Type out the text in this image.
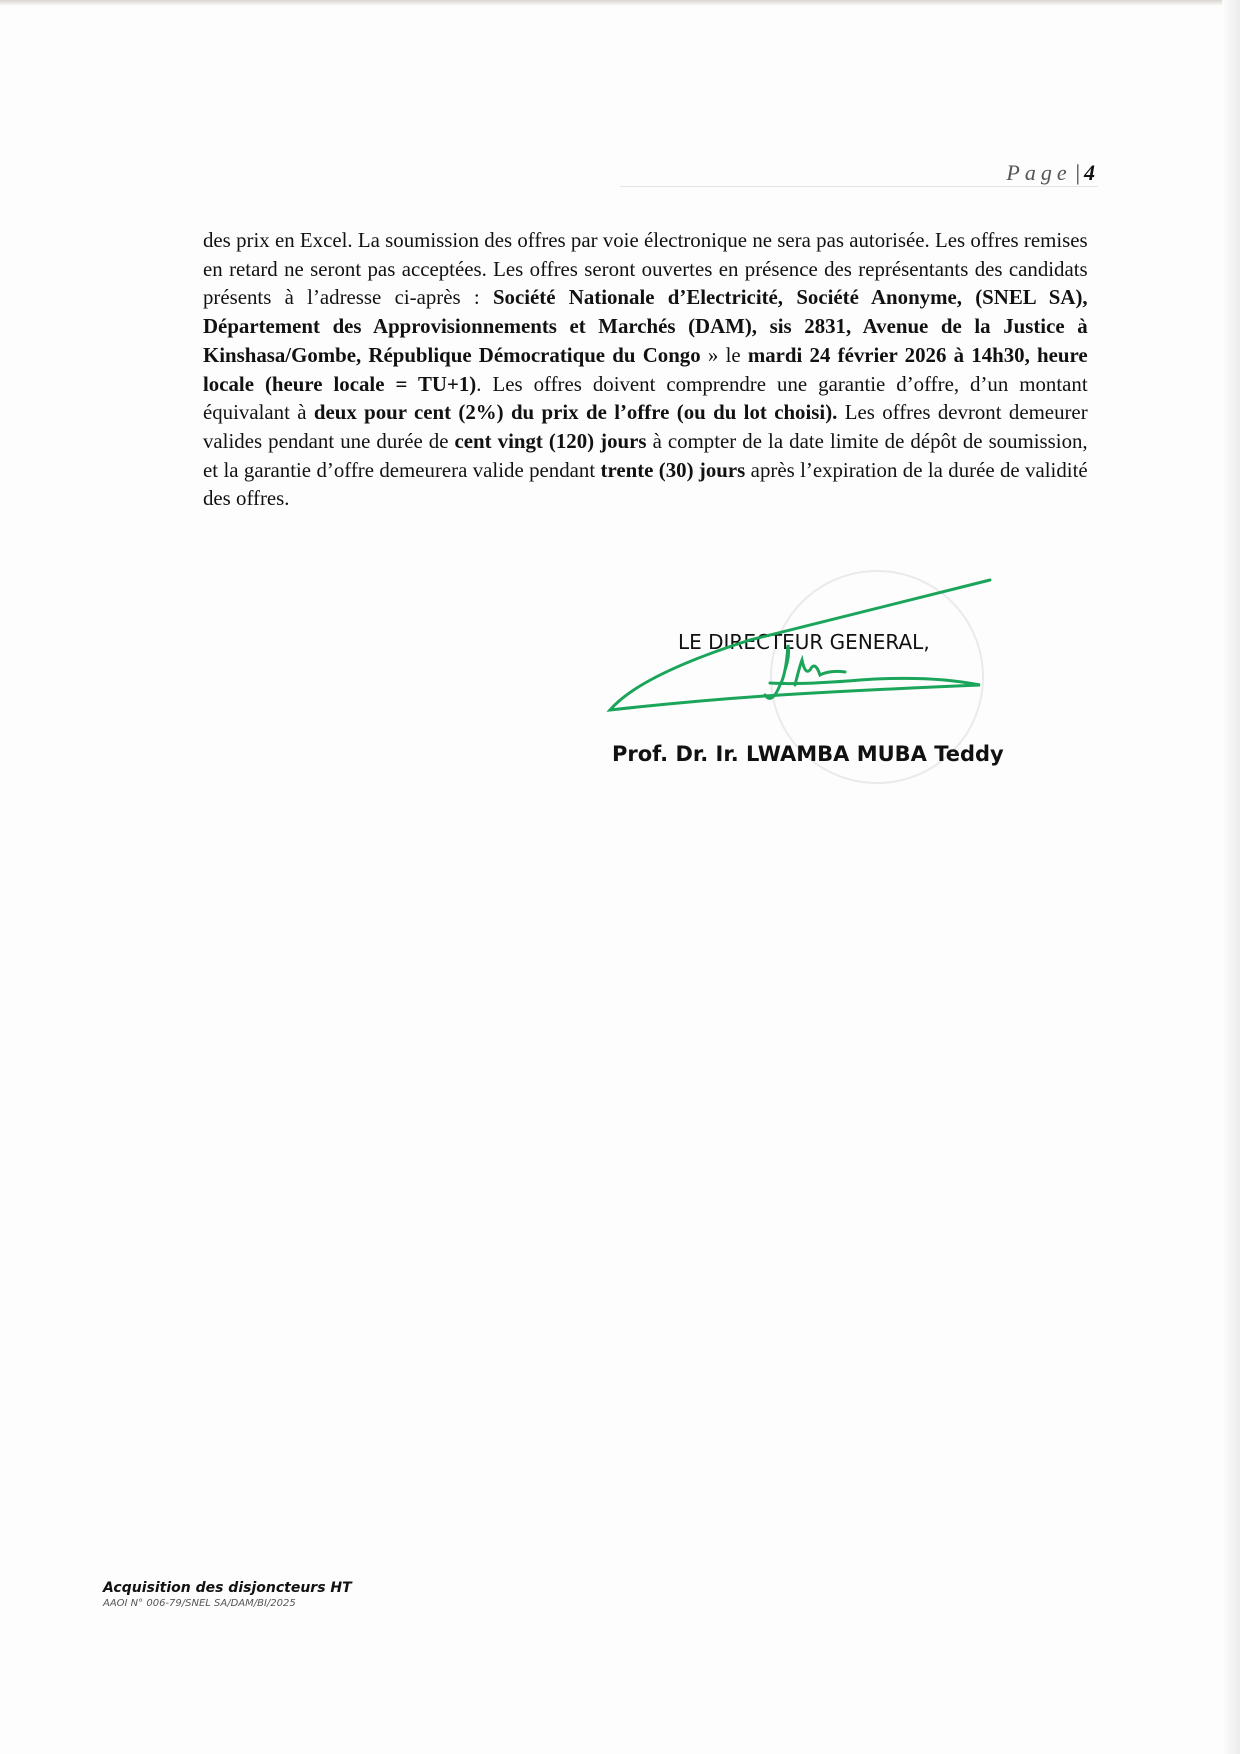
Page | 4
des prix en Excel. La soumission des offres par voie électronique ne sera pas autorisée. Les offres remises en retard ne seront pas acceptées. Les offres seront ouvertes en présence des représentants des candidats présents à l’adresse ci-après : Société Nationale d’Electricité, Société Anonyme, (SNEL SA), Département des Approvisionnements et Marchés (DAM), sis 2831, Avenue de la Justice à Kinshasa/Gombe, République Démocratique du Congo » le mardi 24 février 2026 à 14h30, heure locale (heure locale = TU+1). Les offres doivent comprendre une garantie d’offre, d’un montant équivalant à deux pour cent (2%) du prix de l’offre (ou du lot choisi). Les offres devront demeurer valides pendant une durée de cent vingt (120) jours à compter de la date limite de dépôt de soumission, et la garantie d’offre demeurera valide pendant trente (30) jours après l’expiration de la durée de validité des offres.
LE DIRECTEUR GENERAL,
Prof. Dr. Ir. LWAMBA MUBA Teddy
Acquisition des disjoncteurs HT
AAOI N° 006-79/SNEL SA/DAM/BI/2025
